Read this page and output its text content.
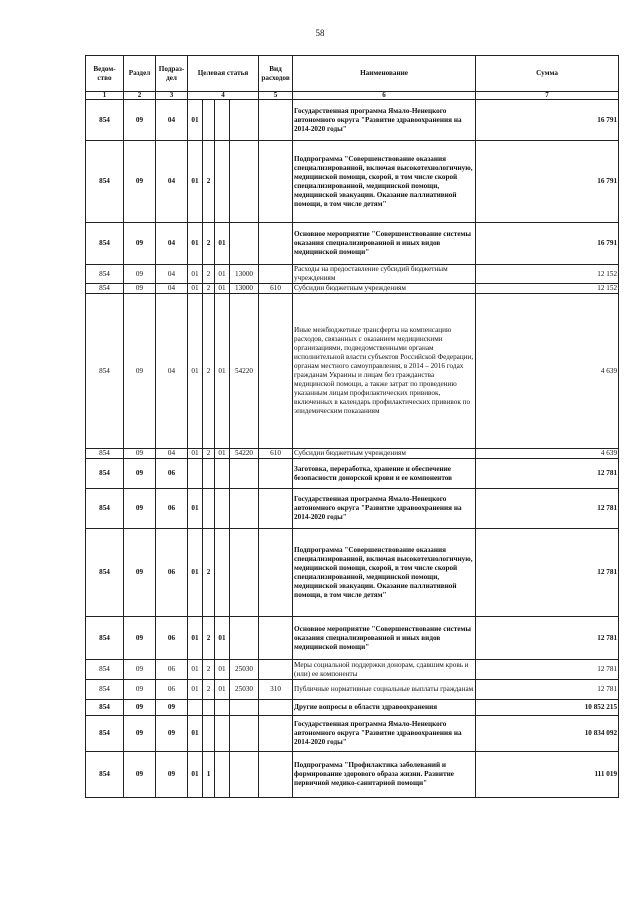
58
Ведом-ство	Раздел	Подраз-дел	Целевая статья				Вид расходов	Наименование	Сумма
1	2	3	4				5	6	7
854	09	04	01					Государственная программа Ямало-Ненецкого автономного округа "Развитие здравоохранения на 2014-2020 годы"	16 791
854	09	04	01	2				Подпрограмма "Совершенствование оказания специализированной, включая высокотехнологичную, медицинской помощи, скорой, в том числе скорой специализированной, медицинской помощи, медицинской эвакуации. Оказание паллиативной помощи, в том числе детям"	16 791
854	09	04	01	2	01			Основное мероприятие "Совершенствование системы оказания специализированной и иных видов медицинской помощи"	16 791
854	09	04	01	2	01	13000		Расходы на предоставление субсидий бюджетным учреждениям	12 152
854	09	04	01	2	01	13000	610	Субсидии бюджетным учреждениям	12 152
854	09	04	01	2	01	54220		Иные межбюджетные трансферты на компенсацию расходов, связанных с оказанием медицинскими организациями, подведомственными органам исполнительной власти субъектов Российской Федерации, органам местного самоуправления, в 2014 – 2016 годах гражданам Украины и лицам без гражданства медицинской помощи, а также затрат по проведению указанным лицам профилактических прививок, включенных в календарь профилактических прививок по эпидемическим показаниям	4 639
854	09	04	01	2	01	54220	610	Субсидии бюджетным учреждениям	4 639
854	09	06						Заготовка, переработка, хранение и обеспечение безопасности донорской крови и ее компонентов	12 781
854	09	06	01					Государственная программа Ямало-Ненецкого автономного округа "Развитие здравоохранения на 2014-2020 годы"	12 781
854	09	06	01	2				Подпрограмма "Совершенствование оказания специализированной, включая высокотехнологичную, медицинской помощи, скорой, в том числе скорой специализированной, медицинской помощи, медицинской эвакуации. Оказание паллиативной помощи, в том числе детям"	12 781
854	09	06	01	2	01			Основное мероприятие "Совершенствование системы оказания специализированной и иных видов медицинской помощи"	12 781
854	09	06	01	2	01	25030		Меры социальной поддержки донорам, сдавшим кровь и (или) ее компоненты	12 781
854	09	06	01	2	01	25030	310	Публичные нормативные социальные выплаты гражданам	12 781
854	09	09						Другие вопросы в области здравоохранения	10 852 215
854	09	09	01					Государственная программа Ямало-Ненецкого автономного округа "Развитие здравоохранения на 2014-2020 годы"	10 834 092
854	09	09	01	1				Подпрограмма "Профилактика заболеваний и формирование здорового образа жизни. Развитие первичной медико-санитарной помощи"	111 019
